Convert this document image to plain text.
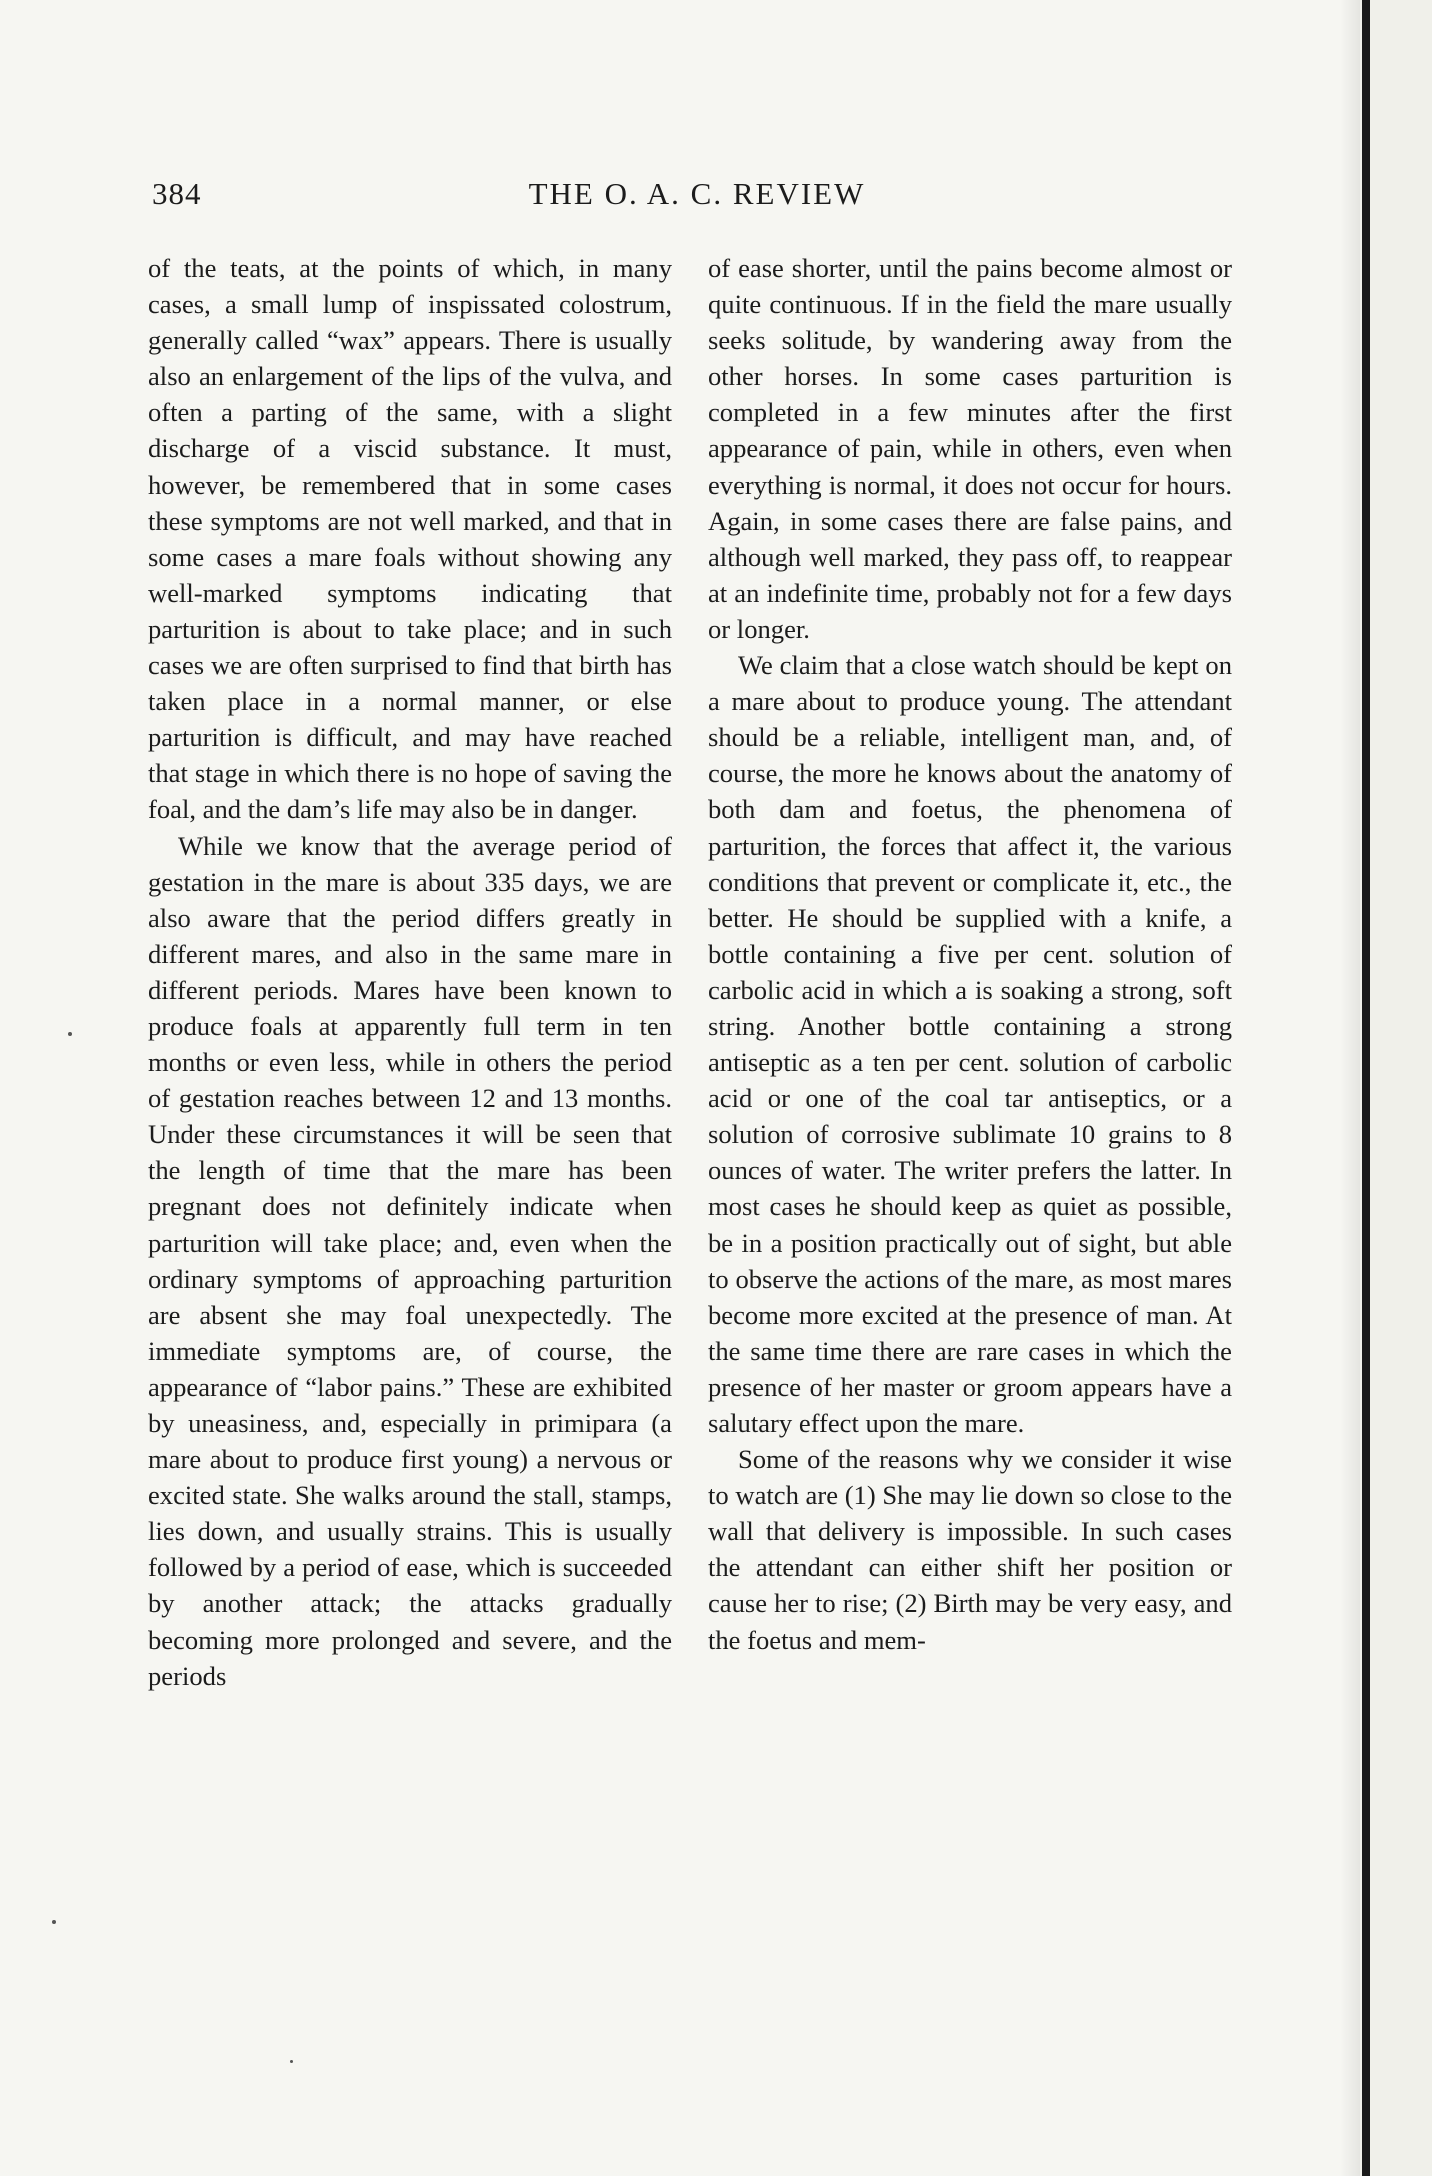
384	THE O. A. C. REVIEW

of the teats, at the points of which, in many cases, a small lump of inspissated colostrum, generally called “wax” appears. There is usually also an enlargement of the lips of the vulva, and often a parting of the same, with a slight discharge of a viscid substance. It must, however, be remembered that in some cases these symptoms are not well marked, and that in some cases a mare foals without showing any well-marked symptoms indicating that parturition is about to take place; and in such cases we are often surprised to find that birth has taken place in a normal manner, or else parturition is difficult, and may have reached that stage in which there is no hope of saving the foal, and the dam’s life may also be in danger.

While we know that the average period of gestation in the mare is about 335 days, we are also aware that the period differs greatly in different mares, and also in the same mare in different periods. Mares have been known to produce foals at apparently full term in ten months or even less, while in others the period of gestation reaches between 12 and 13 months. Under these circumstances it will be seen that the length of time that the mare has been pregnant does not definitely indicate when parturition will take place; and, even when the ordinary symptoms of approaching parturition are absent she may foal unexpectedly. The immediate symptoms are, of course, the appearance of “labor pains.” These are exhibited by uneasiness, and, especially in primipara (a mare about to produce first young) a nervous or excited state. She walks around the stall, stamps, lies down, and usually strains. This is usually followed by a period of ease, which is succeeded by another attack; the attacks gradually becoming more prolonged and severe, and the periods

of ease shorter, until the pains become almost or quite continuous. If in the field the mare usually seeks solitude, by wandering away from the other horses. In some cases parturition is completed in a few minutes after the first appearance of pain, while in others, even when everything is normal, it does not occur for hours. Again, in some cases there are false pains, and although well marked, they pass off, to reappear at an indefinite time, probably not for a few days or longer.

We claim that a close watch should be kept on a mare about to produce young. The attendant should be a reliable, intelligent man, and, of course, the more he knows about the anatomy of both dam and foetus, the phenomena of parturition, the forces that affect it, the various conditions that prevent or complicate it, etc., the better. He should be supplied with a knife, a bottle containing a five per cent. solution of carbolic acid in which a is soaking a strong, soft string. Another bottle containing a strong antiseptic as a ten per cent. solution of carbolic acid or one of the coal tar antiseptics, or a solution of corrosive sublimate 10 grains to 8 ounces of water. The writer prefers the latter. In most cases he should keep as quiet as possible, be in a position practically out of sight, but able to observe the actions of the mare, as most mares become more excited at the presence of man. At the same time there are rare cases in which the presence of her master or groom appears have a salutary effect upon the mare.

Some of the reasons why we consider it wise to watch are (1) She may lie down so close to the wall that delivery is impossible. In such cases the attendant can either shift her position or cause her to rise; (2) Birth may be very easy, and the foetus and mem-
